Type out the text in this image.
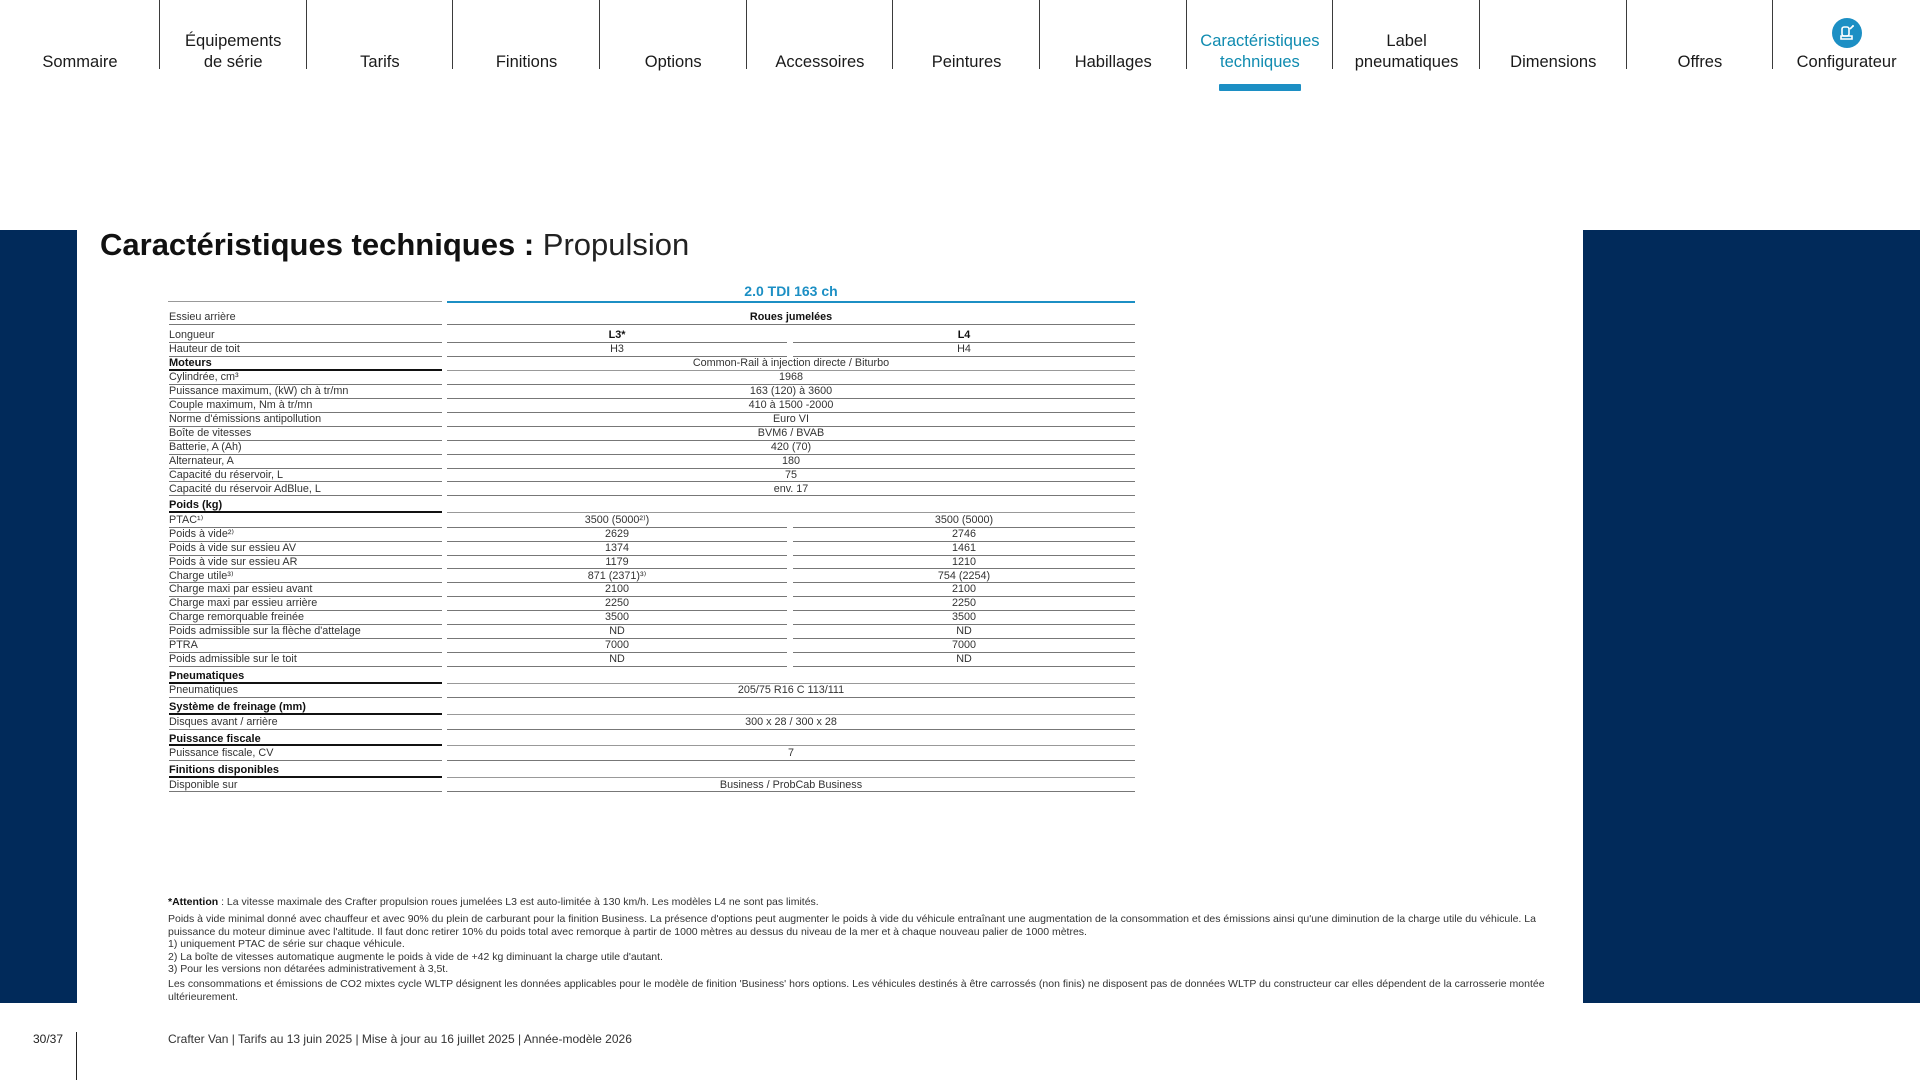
Sommaire
Équipements
de série	Tarifs	Finitions	Options	Accessoires	Peintures	Habillages
Caractéristiques
techniques
Label
pneumatiques	Dimensions	Offres	Configurateur
Caractéristiques techniques : Propulsion
2.0 TDI 163 ch
Essieu arrière	Roues jumelées
Longueur	L3*	L4
Hauteur de toit	H3	H4
Moteurs	Common-Rail à injection directe / Biturbo
Cylindrée, cm³	1968
Puissance maximum, (kW) ch à tr/mn	163 (120) à 3600
Couple maximum, Nm à tr/mn	410 à 1500 -2000
Norme d'émissions antipollution	Euro VI
Boîte de vitesses	BVM6 / BVAB
Batterie, A (Ah)	420 (70)
Alternateur, A	180
Capacité du réservoir, L	75
Capacité du réservoir AdBlue, L	env. 17
Poids (kg)
PTAC¹⁾	3500 (5000²⁾)	3500 (5000)
Poids à vide²⁾	2629	2746
Poids à vide sur essieu AV	1374	1461
Poids à vide sur essieu AR	1179	1210
Charge utile³⁾	871 (2371)³⁾	754 (2254)
Charge maxi par essieu avant	2100	2100
Charge maxi par essieu arrière	2250	2250
Charge remorquable freinée	3500	3500
Poids admissible sur la flèche d'attelage	ND	ND
PTRA	7000	7000
Poids admissible sur le toit	ND	ND
Pneumatiques
Pneumatiques	205/75 R16 C 113/111
Système de freinage (mm)
Disques avant / arrière	300 x 28 / 300 x 28
Puissance fiscale
Puissance fiscale, CV	7
Finitions disponibles
Disponible sur	Business / ProbCab Business

*Attention : La vitesse maximale des Crafter propulsion roues jumelées L3 est auto-limitée à 130 km/h. Les modèles L4 ne sont pas limités.

Poids à vide minimal donné avec chauffeur et avec 90% du plein de carburant pour la finition Business. La présence d'options peut augmenter le poids à vide du véhicule entraînant une augmentation de la consommation et des émissions ainsi qu'une diminution de la charge utile du véhicule. La puissance du moteur diminue avec l'altitude. Il faut donc retirer 10% du poids total avec remorque à partir de 1000 mètres au dessus du niveau de la mer et à chaque nouveau palier de 1000 mètres.

1) uniquement PTAC de série sur chaque véhicule.

2) La boîte de vitesses automatique augmente le poids à vide de +42 kg diminuant la charge utile d'autant.

3) Pour les versions non détarées administrativement à 3,5t.

Les consommations et émissions de CO2 mixtes cycle WLTP désignent les données applicables pour le modèle de finition 'Business' hors options. Les véhicules destinés à être carrossés (non finis) ne disposent pas de données WLTP du constructeur car elles dépendent de la carrosserie montée ultérieurement.

30/37	Crafter Van | Tarifs au 13 juin 2025 | Mise à jour au 16 juillet 2025 | Année-modèle 2026
